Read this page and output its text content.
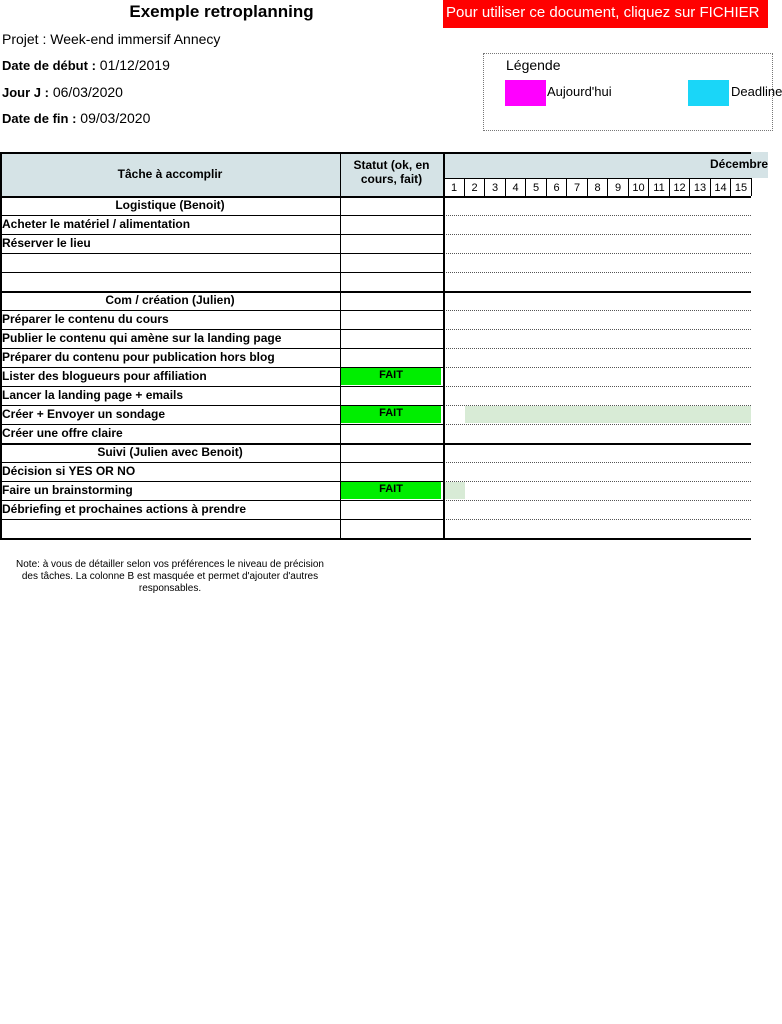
Exemple retroplanning	Pour utiliser ce document, cliquez sur FICHIER
Projet : Week-end immersif Annecy
Date de début : 01/12/2019
Jour J : 06/03/2020
Date de fin : 09/03/2020
Légende
Aujourd'hui	Deadline
Tâche à accomplir
Statut (ok, en cours, fait)
Décembre
1	2	3	4	5	6	7	8	9	10 11 12 13 14 15
Logistique (Benoit)
Acheter le matériel / alimentation
Réserver le lieu
Com / création (Julien)
Préparer le contenu du cours
Publier le contenu qui amène sur la landing page
Préparer du contenu pour publication hors blog
Lister des blogueurs pour affiliation	FAIT
Lancer la landing page + emails
Créer + Envoyer un sondage	FAIT
Créer une offre claire
Suivi (Julien avec Benoit)
Décision si YES OR NO
Faire un brainstorming	FAIT
Débriefing et prochaines actions à prendre
Note: à vous de détailler selon vos préférences le niveau de précision des tâches. La colonne B est masquée et permet d'ajouter d'autres responsables.
